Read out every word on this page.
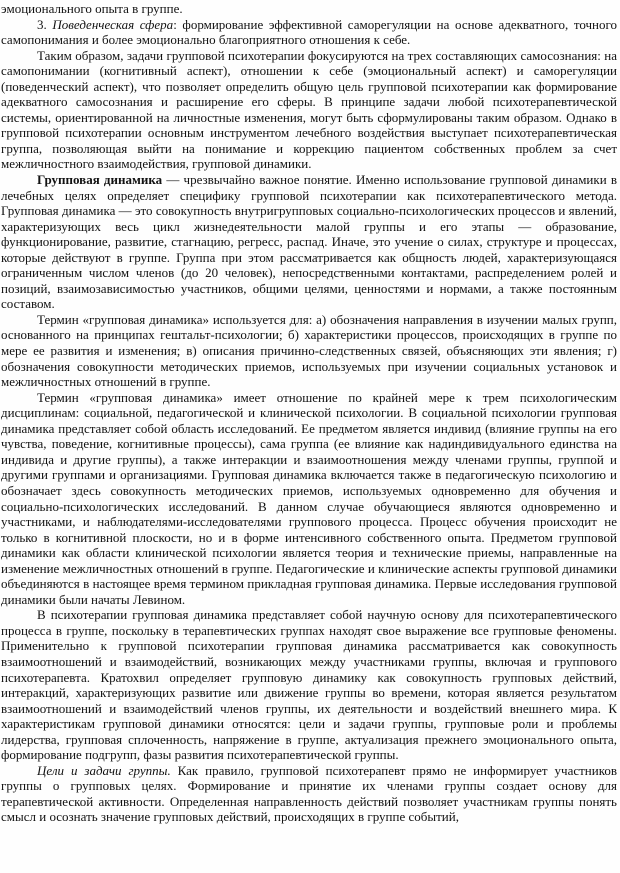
эмоционального опыта в группе.

3. Поведенческая сфера: формирование эффективной саморегуляции на основе адекватного, точного самопонимания и более эмоционально благоприятного отношения к себе.

Таким образом, задачи групповой психотерапии фокусируются на трех составляющих самосознания: на самопонимании (когнитивный аспект), отношении к себе (эмоциональный аспект) и саморегуляции (поведенческий аспект), что позволяет определить общую цель групповой психотерапии как формирование адекватного самосознания и расширение его сферы. В принципе задачи любой психотерапевтической системы, ориентированной на личностные изменения, могут быть сформулированы таким образом. Однако в групповой психотерапии основным инструментом лечебного воздействия выступает психотерапевтическая группа, позволяющая выйти на понимание и коррекцию пациентом собственных проблем за счет межличностного взаимодействия, групповой динамики.

Групповая динамика — чрезвычайно важное понятие. Именно использование групповой динамики в лечебных целях определяет специфику групповой психотерапии как психотерапевтического метода. Групповая динамика — это совокупность внутригрупповых социально-психологических процессов и явлений, характеризующих весь цикл жизнедеятельности малой группы и его этапы — образование, функционирование, развитие, стагнацию, регресс, распад. Иначе, это учение о силах, структуре и процессах, которые действуют в группе. Группа при этом рассматривается как общность людей, характеризующаяся ограниченным числом членов (до 20 человек), непосредственными контактами, распределением ролей и позиций, взаимозависимостью участников, общими целями, ценностями и нормами, а также постоянным составом.

Термин «групповая динамика» используется для: а) обозначения направления в изучении малых групп, основанного на принципах гештальт-психологии; б) характеристики процессов, происходящих в группе по мере ее развития и изменения; в) описания причинно-следственных связей, объясняющих эти явления; г) обозначения совокупности методических приемов, используемых при изучении социальных установок и межличностных отношений в группе.

Термин «групповая динамика» имеет отношение по крайней мере к трем психологическим дисциплинам: социальной, педагогической и клинической психологии. В социальной психологии групповая динамика представляет собой область исследований. Ее предметом является индивид (влияние группы на его чувства, поведение, когнитивные процессы), сама группа (ее влияние как надиндивидуального единства на индивида и другие группы), а также интеракции и взаимоотношения между членами группы, группой и другими группами и организациями. Групповая динамика включается также в педагогическую психологию и обозначает здесь совокупность методических приемов, используемых одновременно для обучения и социально-психологических исследований. В данном случае обучающиеся являются одновременно и участниками, и наблюдателями-исследователями группового процесса. Процесс обучения происходит не только в когнитивной плоскости, но и в форме интенсивного собственного опыта. Предметом групповой динамики как области клинической психологии является теория и технические приемы, направленные на изменение межличностных отношений в группе. Педагогические и клинические аспекты групповой динамики объединяются в настоящее время термином прикладная групповая динамика. Первые исследования групповой динамики были начаты Левином.

В психотерапии групповая динамика представляет собой научную основу для психотерапевтического процесса в группе, поскольку в терапевтических группах находят свое выражение все групповые феномены. Применительно к групповой психотерапии групповая динамика рассматривается как совокупность взаимоотношений и взаимодействий, возникающих между участниками группы, включая и группового психотерапевта. Кратохвил определяет групповую динамику как совокупность групповых действий, интеракций, характеризующих развитие или движение группы во времени, которая является результатом взаимоотношений и взаимодействий членов группы, их деятельности и воздействий внешнего мира. К характеристикам групповой динамики относятся: цели и задачи группы, групповые роли и проблемы лидерства, групповая сплоченность, напряжение в группе, актуализация прежнего эмоционального опыта, формирование подгрупп, фазы развития психотерапевтической группы.

Цели и задачи группы. Как правило, групповой психотерапевт прямо не информирует участников группы о групповых целях. Формирование и принятие их членами группы создает основу для терапевтической активности. Определенная направленность действий позволяет участникам группы понять смысл и осознать значение групповых действий, происходящих в группе событий,
